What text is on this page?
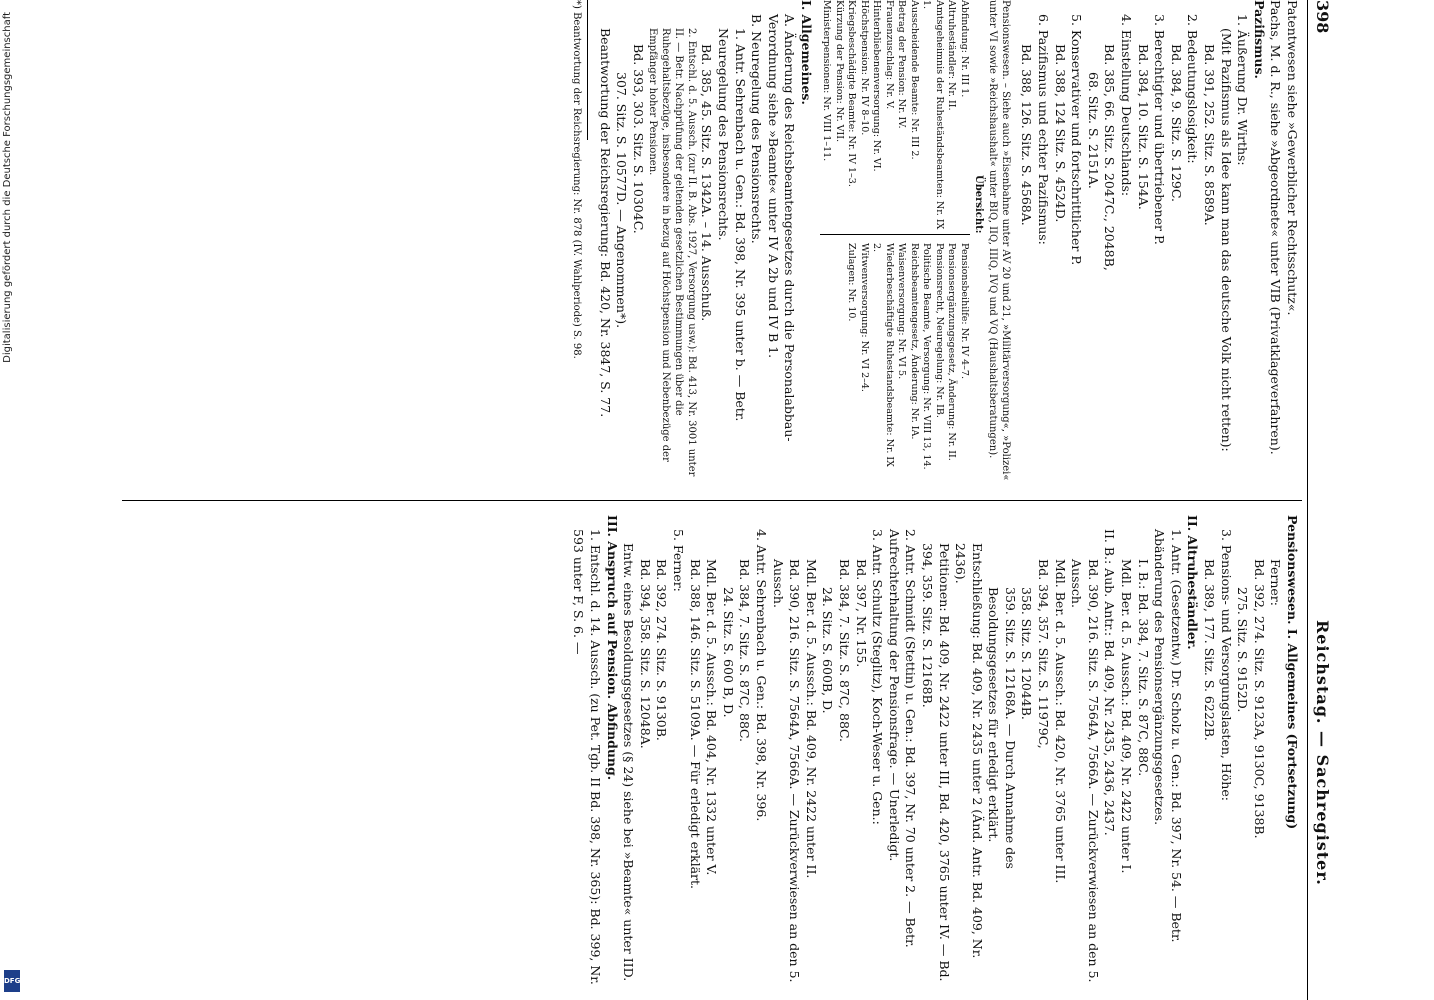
398
Reichstag. — Sachregister.

Patentwesen siehe »Gewerblicher Rechtsschutz«.

Pachs, M. d. R., siehe »Abgeordnete« unter VIB (Privatklageverfahren).

Pazifismus.

1. Äußerung Dr. Wirths:

(Mit Pazifismus als Idee kann man das deutsche Volk nicht retten):

Bd. 391, 252. Sitz. S. 8589A.

2. Bedeutungslosigkeit:

Bd. 384, 9. Sitz. S. 129C.

3. Berechtigter und übertriebener P.

Bd. 384, 10. Sitz. S. 154A.

4. Einstellung Deutschlands:

Bd. 385, 66. Sitz. S. 2047C., 2048B,

68. Sitz. S. 2151A.

5. Konservativer und fortschrittlicher P.

Bd. 388, 124 Sitz. S. 4524D.

6. Pazifismus und echter Pazifismus:

Bd. 388, 126. Sitz. S. 4568A.

Pensionswesen. – Siehe auch »Eisenbahne unter AV 20 und 21, »Militärversorgung«, »Polizei« unter VI sowie »Reichshaushalt« unter BIQ, IIQ, IIIQ, IVQ und VQ (Haushaltsberatungen).

Übersicht:

Abfindung: Nr. III 1.

Altruheständler: Nr. II.

Amtsgeheimnis der Ruheständsbeamten: Nr. IX 1.

Ausscheidende Beamte: Nr. III 2.

Betrag der Pension: Nr. IV.

Frauenzuschlag: Nr. V.

Hinterbliebenenversorgung: Nr. VI.

Höchstpension: Nr. IV 8–10.

Kriegsbeschädigte Beamte: Nr. IV 1–3.

Kürzung der Pension: Nr. VII.

Ministerpensionen: Nr. VIII 1–11.

Pensionsbeihilfe: Nr. IV 4–7.

Pensionsergänzungsgesetz, Änderung: Nr. II.

Pensionsrecht, Neuregelung: Nr. IB.

Politische Beamte, Versorgung: Nr. VIII 13, 14.

Reichsbeamtengesetz, Änderung: Nr. IA.

Waisenversorgung: Nr. VI 5.

Wiederbeschäftigte Ruhestandsbeamte: Nr. IX 2.

Witwenversorgung: Nr. VI 2–4.

Zulagen: Nr. 10.

I. Allgemeines.

A. Änderung des Reichsbeamtengesetzes durch die Personalabbau-Verordnung siehe »Beamte« unter IV A 2b und IV B 1.

B. Neuregelung des Pensionsrechts.

1. Antr. Sehrenbach u. Gen.: Bd. 398, Nr. 395 unter b. — Betr. Neuregelung des Pensionsrechts.

Bd. 385, 45. Sitz. S. 1342A. – 14. Ausschuß.

2. Entschl. d. 5. Aussch. (zur II. B. Abs. 1927, Versorgung usw.): Bd. 413, Nr. 3001 unter II. — Betr. Nachprüfung der geltenden gesetzlichen Bestimmungen über die Ruhegehaltsbezüge, insbesondere in bezug auf Höchstpension und Nebenbezüge der Empfänger hoher Pensionen.

Bd. 393, 303. Sitz. S. 10304C.

307. Sitz. S. 10577D. — Angenommen*).

Beantwortung der Reichsregierung: Bd. 420, Nr. 3847, S. 77.

*) Beantwortung der Reichsregierung: Nr. 878 (IV. Wahlperiode) S. 98.

Pensionswesen. I. Allgemeines (Fortsetzung)

Ferner:

Bd. 392, 274. Sitz. S. 9123A, 9130C, 9138B.

275. Sitz. S. 9152D.

3. Pensions- und Versorgungslasten, Höhe:

Bd. 389, 177. Sitz. S. 6222B.

II. Altruheständler.

1. Antr. (Gesetzentw.) Dr. Scholz u. Gen.: Bd. 397, Nr. 54. — Betr. Abänderung des Pensionsergänzungsgesetzes.

I. B.: Bd. 384, 7. Sitz. S. 87C, 88C.

Mdl. Ber. d. 5. Aussch.: Bd. 409, Nr. 2422 unter I.

II. B.: Aub. Antr.: Bd. 409, Nr. 2435, 2436, 2437.

Bd. 390, 216. Sitz. S. 7564A, 7566A. — Zurückverwiesen an den 5. Aussch.

Mdl. Ber. d. 5. Aussch.: Bd. 420, Nr. 3765 unter III.

Bd. 394, 357. Sitz. S. 11979C,

358. Sitz. S. 12044B.

359. Sitz. S. 12168A. — Durch Annahme des Besoldungsgesetzes für erledigt erklärt.

Entschließung: Bd. 409, Nr. 2435 unter 2 (Änd. Antr. Bd. 409, Nr. 2436).

Petitionen: Bd. 409, Nr. 2422 unter III, Bd. 420, 3765 unter IV. — Bd. 394, 359. Sitz. S. 12168B.

2. Antr. Schmidt (Stettin) u. Gen.: Bd. 397, Nr. 70 unter 2. — Betr. Aufrechterhaltung der Pensionsfrage. — Unerledigt.

3. Antr. Schultz (Steglitz), Koch-Weser u. Gen.:

Bd. 397, Nr. 155.

Bd. 384, 7. Sitz. S. 87C, 88C.

24. Sitz. S. 600B, D.

Mdl. Ber. d. 5. Aussch.: Bd. 409, Nr. 2422 unter II.

Bd. 390, 216. Sitz. S. 7564A, 7566A. — Zurückverwiesen an den 5. Aussch.

4. Antr. Sehrenbach u. Gen.: Bd. 398, Nr. 396.

Bd. 384, 7. Sitz. S. 87C, 88C.

24. Sitz. S. 600 B, D.

Mdl. Ber. d. 5. Aussch.: Bd. 404, Nr. 1332 unter V.

Bd. 388, 146. Sitz. S. 5109A. — Für erledigt erklärt.

5. Ferner:

Bd. 392, 274. Sitz. S. 9130B.

Bd. 394, 358. Sitz. S. 12048A.

Entw. eines Besoldungsgesetzes (§ 24) siehe bei »Beamte« unter IID.

III. Anspruch auf Pension. Abfindung.

1. Entschl. d. 14. Aussch. (zu Pet. Tgb. II Bd. 398, Nr. 365): Bd. 399, Nr. 593 unter F, S. 6. —

Digitalisierung gefördert durch die Deutsche Forschungsgemeinschaft
DFG
